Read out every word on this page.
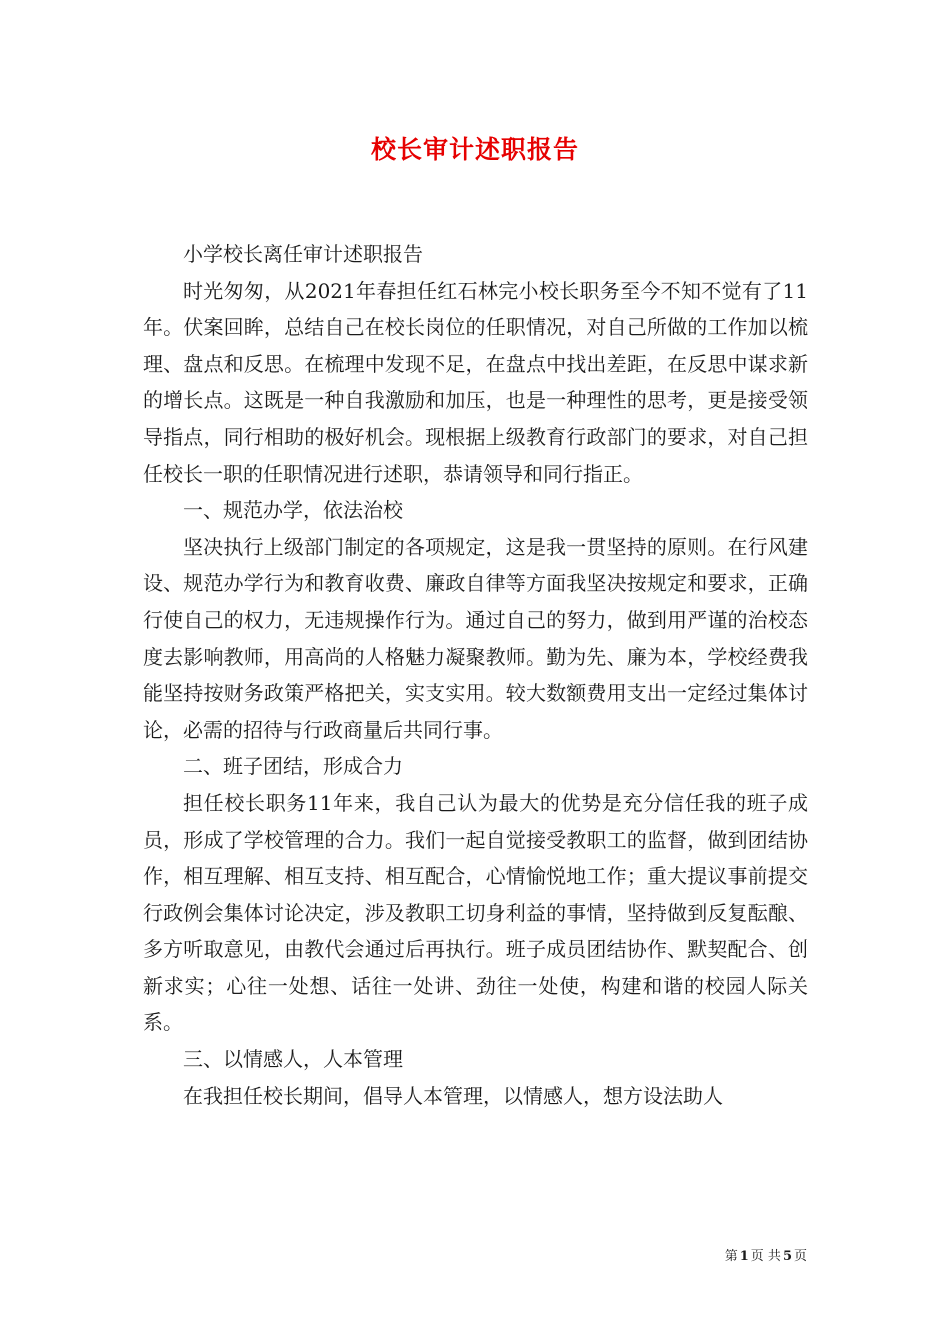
校长审计述职报告

小学校长离任审计述职报告

时光匆匆，从2021年春担任红石林完小校长职务至今不知不觉有了11年。伏案回眸，总结自己在校长岗位的任职情况，对自己所做的工作加以梳理、盘点和反思。在梳理中发现不足，在盘点中找出差距，在反思中谋求新的增长点。这既是一种自我激励和加压，也是一种理性的思考，更是接受领导指点，同行相助的极好机会。现根据上级教育行政部门的要求，对自己担任校长一职的任职情况进行述职，恭请领导和同行指正。

一、规范办学，依法治校

坚决执行上级部门制定的各项规定，这是我一贯坚持的原则。在行风建设、规范办学行为和教育收费、廉政自律等方面我坚决按规定和要求，正确行使自己的权力，无违规操作行为。通过自己的努力，做到用严谨的治校态度去影响教师，用高尚的人格魅力凝聚教师。勤为先、廉为本，学校经费我能坚持按财务政策严格把关，实支实用。较大数额费用支出一定经过集体讨论，必需的招待与行政商量后共同行事。

二、班子团结，形成合力

担任校长职务11年来，我自己认为最大的优势是充分信任我的班子成员，形成了学校管理的合力。我们一起自觉接受教职工的监督，做到团结协作，相互理解、相互支持、相互配合，心情愉悦地工作；重大提议事前提交行政例会集体讨论决定，涉及教职工切身利益的事情，坚持做到反复酝酿、多方听取意见，由教代会通过后再执行。班子成员团结协作、默契配合、创新求实；心往一处想、话往一处讲、劲往一处使，构建和谐的校园人际关系。

三、以情感人，人本管理

在我担任校长期间，倡导人本管理，以情感人，想方设法助人

第 1 页 共 5 页
